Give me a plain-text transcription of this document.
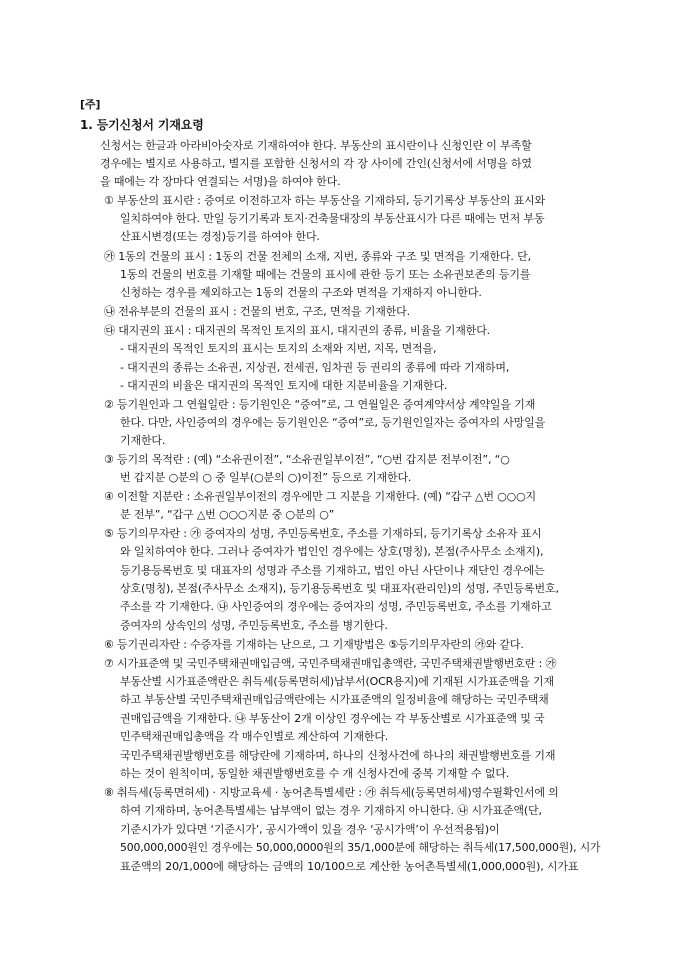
[주]

1. 등기신청서 기재요령

신청서는 한글과 아라비아숫자로 기재하여야 한다. 부동산의 표시란이나 신청인란 이 부족할

경우에는 별지로 사용하고, 별지를 포함한 신청서의 각 장 사이에 간인(신청서에 서명을 하였

을 때에는 각 장마다 연결되는 서명)을 하여야 한다.

① 부동산의 표시란 : 증여로 이전하고자 하는 부동산을 기재하되, 등기기록상 부동산의 표시와

일치하여야 한다. 만일 등기기록과 토지·건축물대장의 부동산표시가 다른 때에는 먼저 부동

산표시변경(또는 경정)등기를 하여야 한다.

㉮ 1동의 건물의 표시 : 1동의 건물 전체의 소재, 지번, 종류와 구조 및 면적을 기재한다. 단,

1동의 건물의 번호를 기재할 때에는 건물의 표시에 관한 등기 또는 소유권보존의 등기를

신청하는 경우를 제외하고는 1동의 건물의 구조와 면적을 기재하지 아니한다.

㉯ 전유부분의 건물의 표시 : 건물의 번호, 구조, 면적을 기재한다.

㉰ 대지권의 표시 : 대지권의 목적인 토지의 표시, 대지권의 종류, 비율을 기재한다.

- 대지권의 목적인 토지의 표시는 토지의 소재와 지번, 지목, 면적을,

- 대지권의 종류는 소유권, 지상권, 전세권, 임차권 등 권리의 종류에 따라 기재하며,

- 대지권의 비율은 대지권의 목적인 토지에 대한 지분비율을 기재한다.

② 등기원인과 그 연월일란 : 등기원인은 “증여”로, 그 연월일은 증여계약서상 계약일을 기재

한다. 다만, 사인증여의 경우에는 등기원인은 “증여”로, 등기원인일자는 증여자의 사망일을

기재한다.

③ 등기의 목적란 : (예) “소유권이전”, “소유권일부이전”, “○번 갑지분 전부이전”, “○

번 갑지분 ○분의 ○ 중 일부(○분의 ○)이전” 등으로 기재한다.

④ 이전할 지분란 : 소유권일부이전의 경우에만 그 지분을 기재한다. (예) “갑구 △번 ○○○지

분 전부”, “갑구 △번 ○○○지분 중 ○분의 ○”

⑤ 등기의무자란 : ㉮ 증여자의 성명, 주민등록번호, 주소를 기재하되, 등기기록상 소유자 표시

와 일치하여야 한다. 그러나 증여자가 법인인 경우에는 상호(명칭), 본점(주사무소 소재지),

등기용등록번호 및 대표자의 성명과 주소를 기재하고, 법인 아닌 사단이나 재단인 경우에는

상호(명칭), 본점(주사무소 소재지), 등기용등록번호 및 대표자(관리인)의 성명, 주민등록번호,

주소를 각 기재한다. ㉯ 사인증여의 경우에는 증여자의 성명, 주민등록번호, 주소를 기재하고

증여자의 상속인의 성명, 주민등록번호, 주소를 병기한다.

⑥ 등기권리자란 : 수증자를 기재하는 난으로, 그 기재방법은 ⑤등기의무자란의 ㉮와 같다.

⑦ 시가표준액 및 국민주택채권매입금액, 국민주택채권매입총액란, 국민주택채권발행번호란 : ㉮

부동산별 시가표준액란은 취득세(등록면허세)납부서(OCR용지)에 기재된 시가표준액을 기재

하고 부동산별 국민주택채권매입금액란에는 시가표준액의 일정비율에 해당하는 국민주택채

권매입금액을 기재한다. ㉯ 부동산이 2개 이상인 경우에는 각 부동산별로 시가표준액 및 국

민주택채권매입총액을 각 매수인별로 계산하여 기재한다.

국민주택채권발행번호를 해당란에 기재하며, 하나의 신청사건에 하나의 채권발행번호를 기재

하는 것이 원칙이며, 동일한 채권발행번호를 수 개 신청사건에 중복 기재할 수 없다.

⑧ 취득세(등록면허세) · 지방교육세 · 농어촌특별세란 : ㉮ 취득세(등록면허세)영수필확인서에 의

하여 기재하며, 농어촌특별세는 납부액이 없는 경우 기재하지 아니한다. ㉯ 시가표준액(단,

기준시가가 있다면 ‘기준시가’, 공시가액이 있을 경우 ‘공시가액’이 우선적용됨)이

500,000,000원인 경우에는 50,000,0000원의 35/1,000분에 해당하는 취득세(17,500,000원), 시가

표준액의 20/1,000에 해당하는 금액의 10/100으로 계산한 농어촌특별세(1,000,000원), 시가표
